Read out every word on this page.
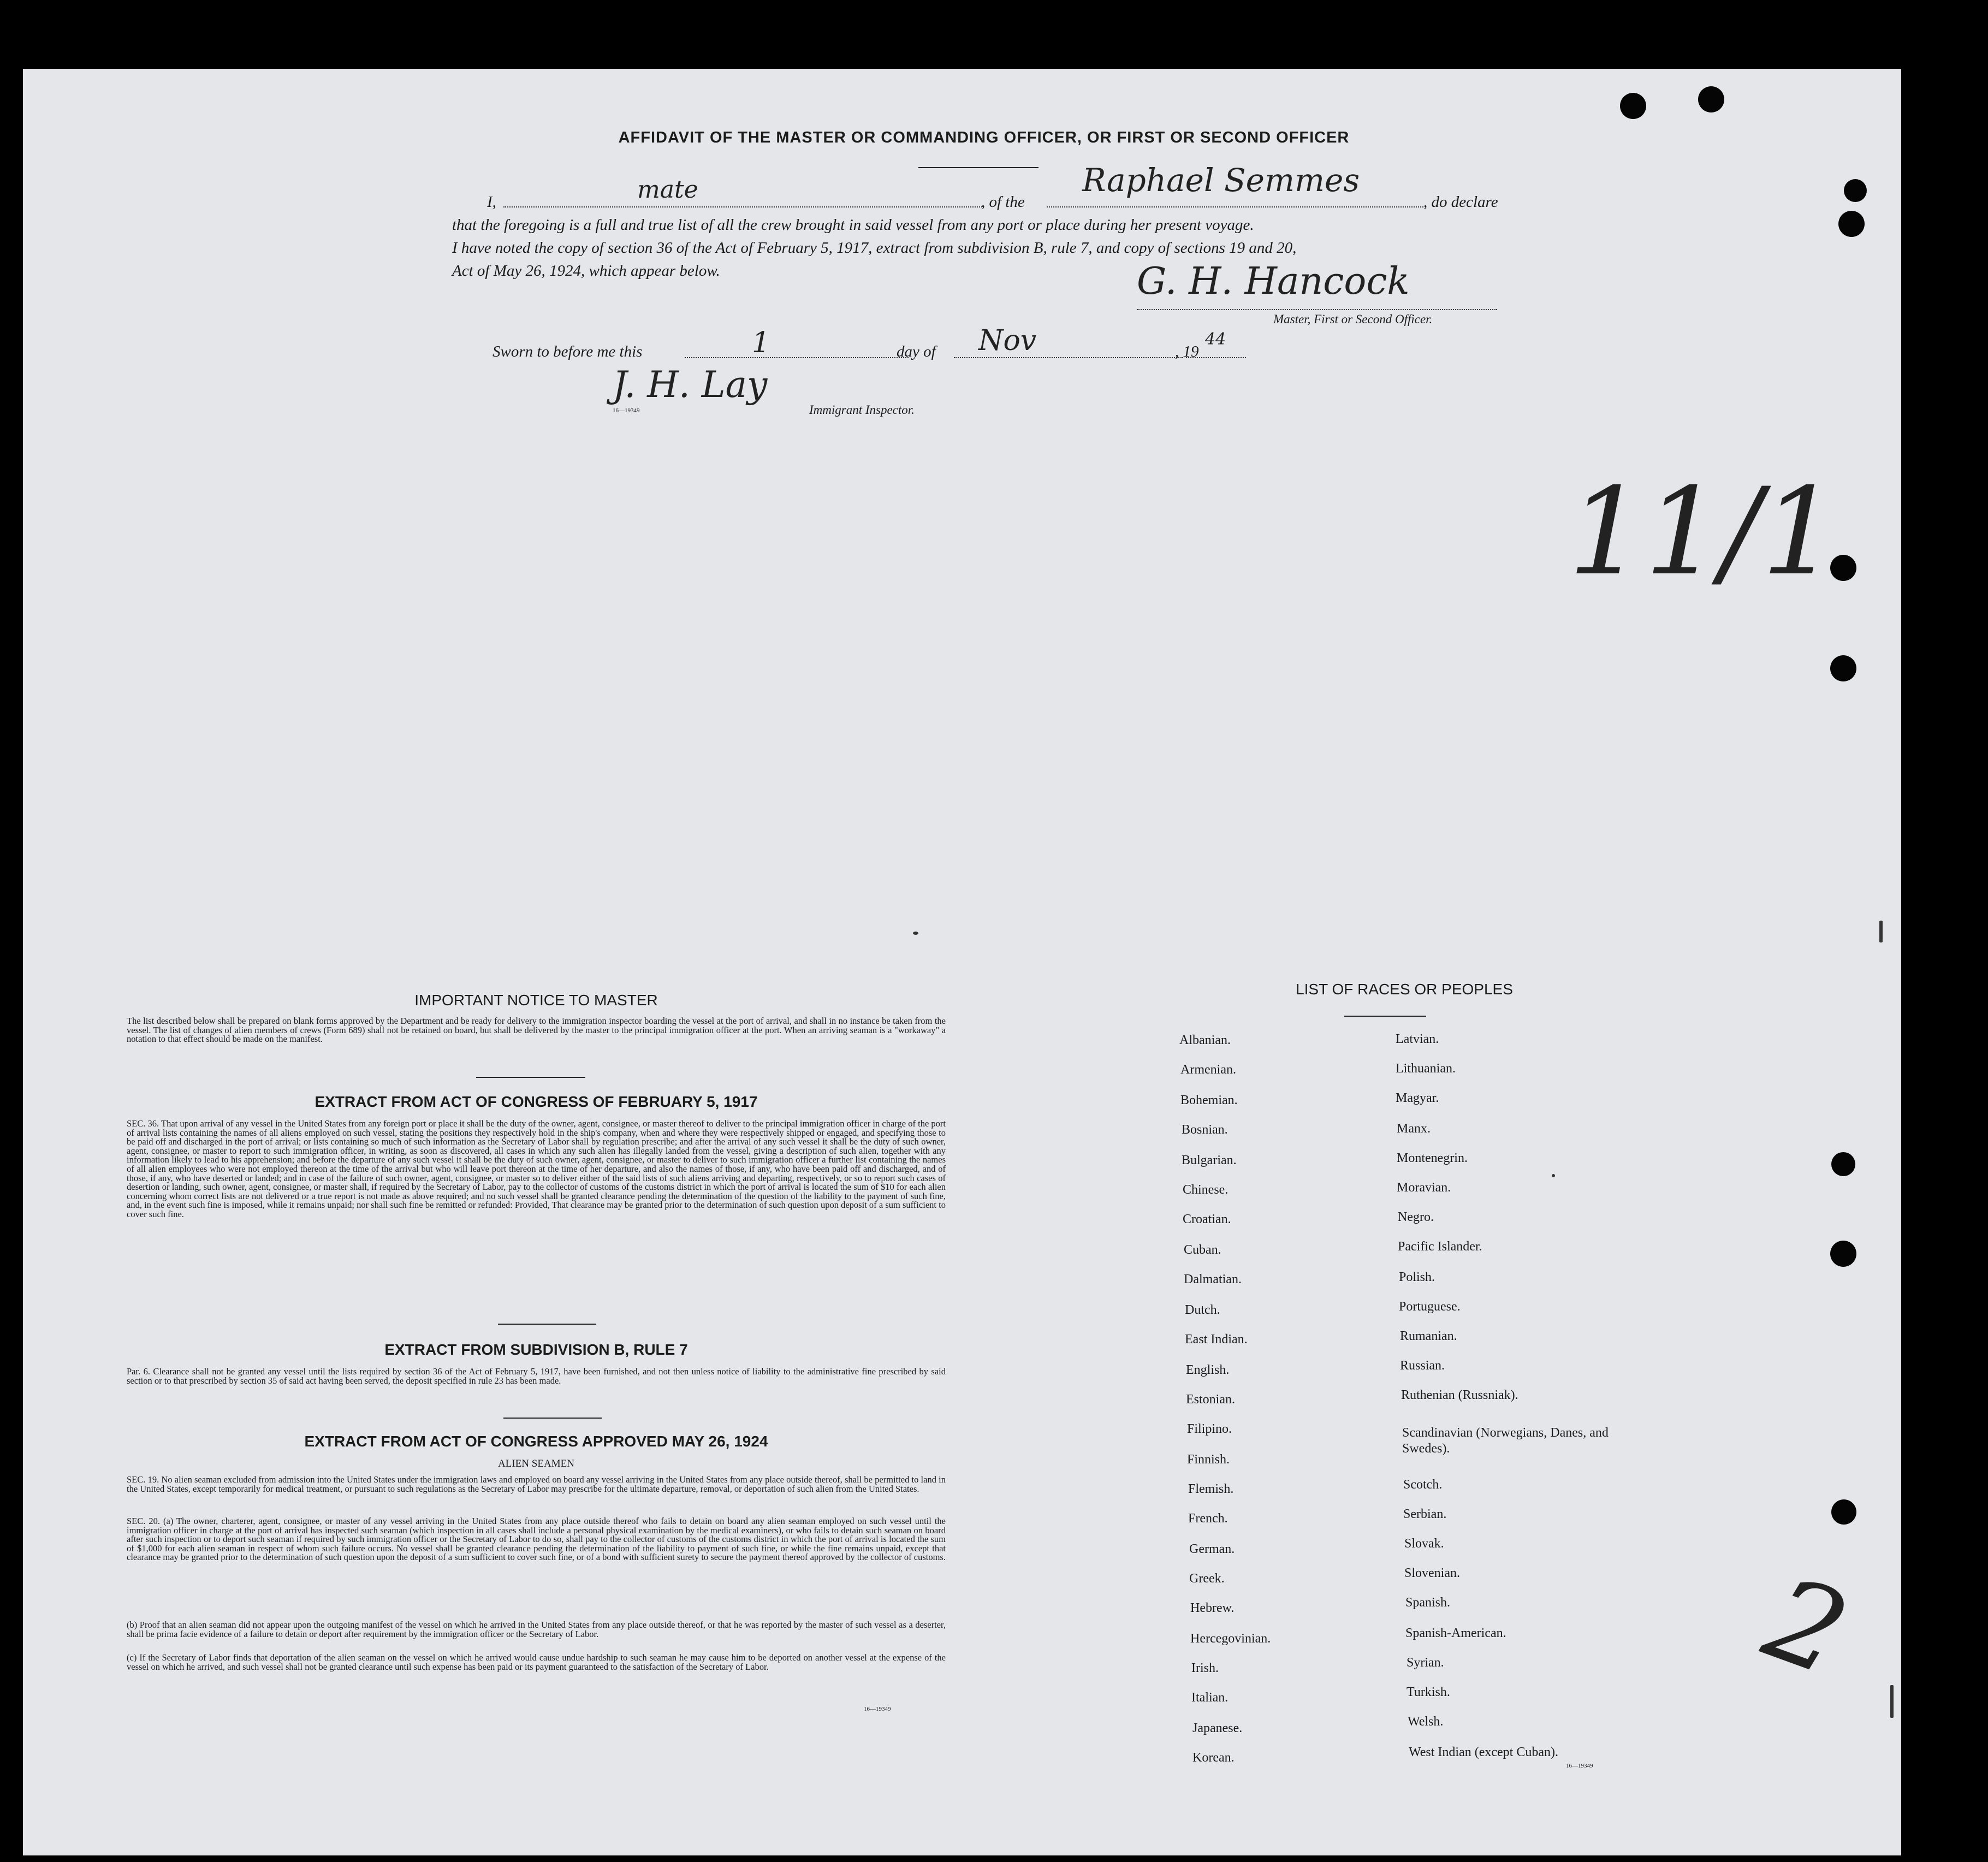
AFFIDAVIT OF THE MASTER OR COMMANDING OFFICER, OR FIRST OR SECOND OFFICER
I,	mate	, of the
Raphael Semmes
, do declare
that the foregoing is a full and true list of all the crew brought in said vessel from any port or place during her present voyage.
I have noted the copy of section 36 of the Act of February 5, 1917, extract from subdivision B, rule 7, and copy of sections 19 and 20,
Act of May 26, 1924, which appear below.	G. H. Hancock
Master, First or Second Officer.
Sworn to before me this	1	day of Nov	, 19
44
J. H. Lay
16—19349	Immigrant Inspector.
11/1
2
IMPORTANT NOTICE TO MASTER
The list described below shall be prepared on blank forms approved by the Department and be ready for delivery to the immigration inspector boarding the vessel at the port of arrival, and shall in no instance be taken from the vessel. The list of changes of alien members of crews (Form 689) shall not be retained on board, but shall be delivered by the master to the principal immigration officer at the port. When an arriving seaman is a "workaway" a notation to that effect should be made on the manifest.
EXTRACT FROM ACT OF CONGRESS OF FEBRUARY 5, 1917
SEC. 36. That upon arrival of any vessel in the United States from any foreign port or place it shall be the duty of the owner, agent, consignee, or master thereof to deliver to the principal immigration officer in charge of the port of arrival lists containing the names of all aliens employed on such vessel, stating the positions they respectively hold in the ship's company, when and where they were respectively shipped or engaged, and specifying those to be paid off and discharged in the port of arrival; or lists containing so much of such information as the Secretary of Labor shall by regulation prescribe; and after the arrival of any such vessel it shall be the duty of such owner, agent, consignee, or master to report to such immigration officer, in writing, as soon as discovered, all cases in which any such alien has illegally landed from the vessel, giving a description of such alien, together with any information likely to lead to his apprehension; and before the departure of any such vessel it shall be the duty of such owner, agent, consignee, or master to deliver to such immigration officer a further list containing the names of all alien employees who were not employed thereon at the time of the arrival but who will leave port thereon at the time of her departure, and also the names of those, if any, who have been paid off and discharged, and of those, if any, who have deserted or landed; and in case of the failure of such owner, agent, consignee, or master so to deliver either of the said lists of such aliens arriving and departing, respectively, or so to report such cases of desertion or landing, such owner, agent, consignee, or master shall, if required by the Secretary of Labor, pay to the collector of customs of the customs district in which the port of arrival is located the sum of $10 for each alien concerning whom correct lists are not delivered or a true report is not made as above required; and no such vessel shall be granted clearance pending the determination of the question of the liability to the payment of such fine, and, in the event such fine is imposed, while it remains unpaid; nor shall such fine be remitted or refunded: Provided, That clearance may be granted prior to the determination of such question upon deposit of a sum sufficient to cover such fine.
EXTRACT FROM SUBDIVISION B, RULE 7
Par. 6. Clearance shall not be granted any vessel until the lists required by section 36 of the Act of February 5, 1917, have been furnished, and not then unless notice of liability to the administrative fine prescribed by said section or to that prescribed by section 35 of said act having been served, the deposit specified in rule 23 has been made.
EXTRACT FROM ACT OF CONGRESS APPROVED MAY 26, 1924
ALIEN SEAMEN
SEC. 19. No alien seaman excluded from admission into the United States under the immigration laws and employed on board any vessel arriving in the United States from any place outside thereof, shall be permitted to land in the United States, except temporarily for medical treatment, or pursuant to such regulations as the Secretary of Labor may prescribe for the ultimate departure, removal, or deportation of such alien from the United States.
SEC. 20. (a) The owner, charterer, agent, consignee, or master of any vessel arriving in the United States from any place outside thereof who fails to detain on board any alien seaman employed on such vessel until the immigration officer in charge at the port of arrival has inspected such seaman (which inspection in all cases shall include a personal physical examination by the medical examiners), or who fails to detain such seaman on board after such inspection or to deport such seaman if required by such immigration officer or the Secretary of Labor to do so, shall pay to the collector of customs of the customs district in which the port of arrival is located the sum of $1,000 for each alien seaman in respect of whom such failure occurs. No vessel shall be granted clearance pending the determination of the liability to payment of such fine, or while the fine remains unpaid, except that clearance may be granted prior to the determination of such question upon the deposit of a sum sufficient to cover such fine, or of a bond with sufficient surety to secure the payment thereof approved by the collector of customs.
(b) Proof that an alien seaman did not appear upon the outgoing manifest of the vessel on which he arrived in the United States from any place outside thereof, or that he was reported by the master of such vessel as a deserter, shall be prima facie evidence of a failure to detain or deport after requirement by the immigration officer or the Secretary of Labor.
(c) If the Secretary of Labor finds that deportation of the alien seaman on the vessel on which he arrived would cause undue hardship to such seaman he may cause him to be deported on another vessel at the expense of the vessel on which he arrived, and such vessel shall not be granted clearance until such expense has been paid or its payment guaranteed to the satisfaction of the Secretary of Labor.
16—19349
LIST OF RACES OR PEOPLES
Albanian.
Armenian.
Bohemian.
Bosnian.
Bulgarian.
Chinese.
Croatian.
Cuban.
Dalmatian.
Dutch.
East Indian.
English.
Estonian.
Filipino.
Finnish.
Flemish.
French.
German.
Greek.
Hebrew.
Hercegovinian.
Irish.
Italian.
Japanese.
Korean.
Latvian.
Lithuanian.
Magyar.
Manx.
Montenegrin.
Moravian.
Negro.
Pacific Islander.
Polish.
Portuguese.
Rumanian.
Russian.
Ruthenian (Russniak).
Scandinavian (Norwegians, Danes, and Swedes).
Scotch.
Serbian.
Slovak.
Slovenian.
Spanish.
Spanish-American.
Syrian.
Turkish.
Welsh.
West Indian (except Cuban).
16—19349
